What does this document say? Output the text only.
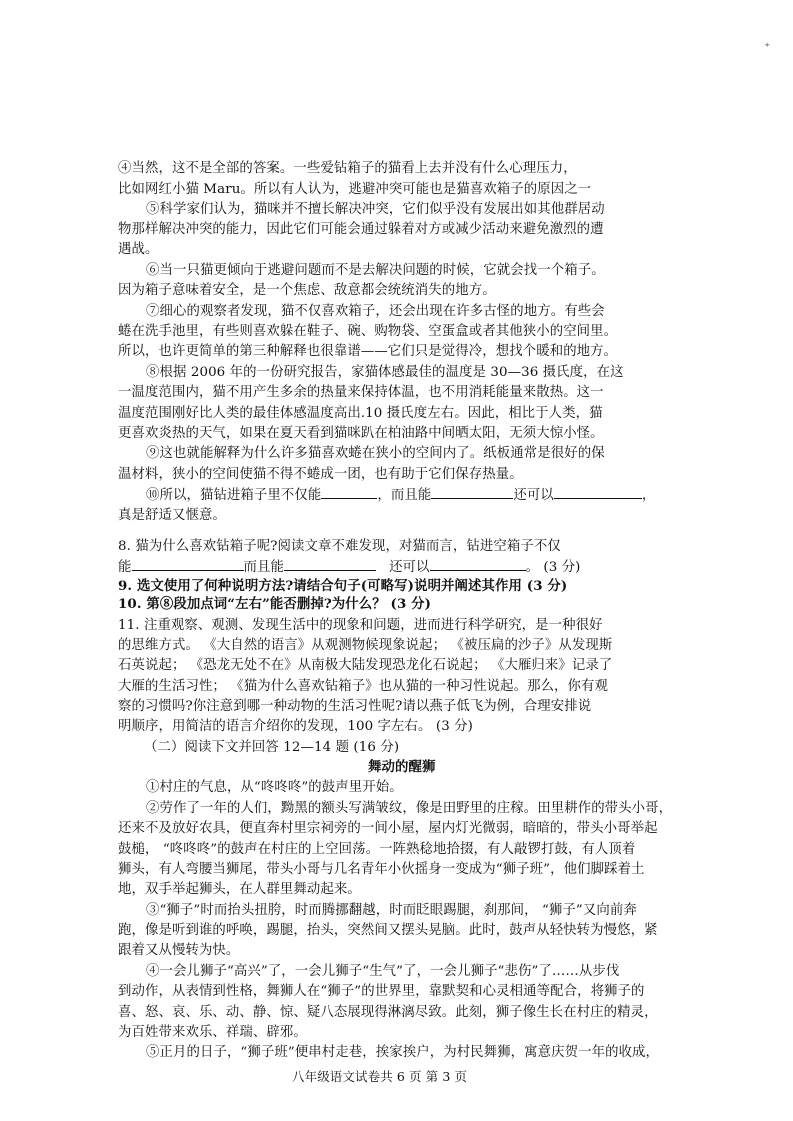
⁺
④当然，这不是全部的答案。一些爱钻箱子的猫看上去并没有什么心理压力，
比如网红小猫 Maru。所以有人认为，逃避冲突可能也是猫喜欢箱子的原因之一
⑤科学家们认为，猫咪并不擅长解决冲突，它们似乎没有发展出如其他群居动
物那样解决冲突的能力，因此它们可能会通过躲着对方或减少活动来避免激烈的遭
遇战。
⑥当一只猫更倾向于逃避问题而不是去解决问题的时候，它就会找一个箱子。
因为箱子意味着安全，是一个焦虑、敌意都会统统消失的地方。
⑦细心的观察者发现，猫不仅喜欢箱子，还会出现在许多古怪的地方。有些会
蜷在洗手池里，有些则喜欢躲在鞋子、碗、购物袋、空蛋盒或者其他狭小的空间里。
所以，也许更简单的第三种解释也很靠谱——它们只是觉得冷，想找个暖和的地方。
⑧根据 2006 年的一份研究报告，家猫体感最佳的温度是 30—36 摄氏度，在这
一温度范围内，猫不用产生多余的热量来保持体温，也不用消耗能量来散热。这一
温度范围刚好比人类的最佳体感温度高出.10 摄氏度左右。因此，相比于人类，猫
更喜欢炎热的天气，如果在夏天看到猫咪趴在柏油路中间晒太阳，无须大惊小怪。
⑨这也就能解释为什么许多猫喜欢蜷在狭小的空间内了。纸板通常是很好的保
温材料，狭小的空间使猫不得不蜷成一团，也有助于它们保存热量。
⑩所以，猫钻进箱子里不仅能	，而且能	还可以	，
真是舒适又惬意。
8. 猫为什么喜欢钻箱子呢?阅读文章不难发现，对猫而言，钻进空箱子不仅
能	而且能	还可以	。 (3 分)
9. 选文使用了何种说明方法?请结合句子(可略写)说明并阐述其作用 (3 分)
10. 第⑧段加点词“左右”能否删掉?为什么？ (3 分)
11. 注重观察、观测、发现生活中的现象和问题，进而进行科学研究，是一种很好
的思维方式。 《大自然的语言》从观测物候现象说起； 《被压扁的沙子》从发现斯
石英说起； 《恐龙无处不在》从南极大陆发现恐龙化石说起； 《大雁归来》记录了
大雁的生活习性； 《猫为什么喜欢钻箱子》也从猫的一种习性说起。那么，你有观
察的习惯吗?你注意到哪一种动物的生活习性呢?请以燕子低飞为例，合理安排说
明顺序，用简洁的语言介绍你的发现，100 字左右。 (3 分)
（二）阅读下文并回答 12—14 题 (16 分)
舞动的醒狮
①村庄的气息，从“咚咚咚”的鼓声里开始。
②劳作了一年的人们，黝黑的额头写满皱纹，像是田野里的庄稼。田里耕作的带头小哥，
还来不及放好农具，便直奔村里宗祠旁的一间小屋，屋内灯光微弱，暗暗的，带头小哥举起
鼓槌， “咚咚咚”的鼓声在村庄的上空回荡。一阵熟稔地拾掇，有人敲锣打鼓，有人顶着
狮头，有人弯腰当狮尾，带头小哥与几名青年小伙摇身一变成为“狮子班”，他们脚踩着土
地，双手举起狮头，在人群里舞动起来。
③“狮子”时而抬头扭胯，时而腾挪翻越，时而眨眼踢腿，刹那间， “狮子”又向前奔
跑，像是听到谁的呼唤，踢腿，抬头，突然间又摆头晃脑。此时，鼓声从轻快转为慢悠，紧
跟着又从慢转为快。
④一会儿狮子“高兴”了，一会儿狮子“生气”了，一会儿狮子“悲伤”了……从步伐
到动作，从表情到性格，舞狮人在“狮子”的世界里，靠默契和心灵相通等配合，将狮子的
喜、怒、哀、乐、动、静、惊、疑八态展现得淋漓尽致。此刻，狮子像生长在村庄的精灵，
为百姓带来欢乐、祥瑞、辟邪。
⑤正月的日子，“狮子班”便串村走巷，挨家挨户，为村民舞狮，寓意庆贺一年的收成，
八年级语文试卷共 6 页 第 3 页
